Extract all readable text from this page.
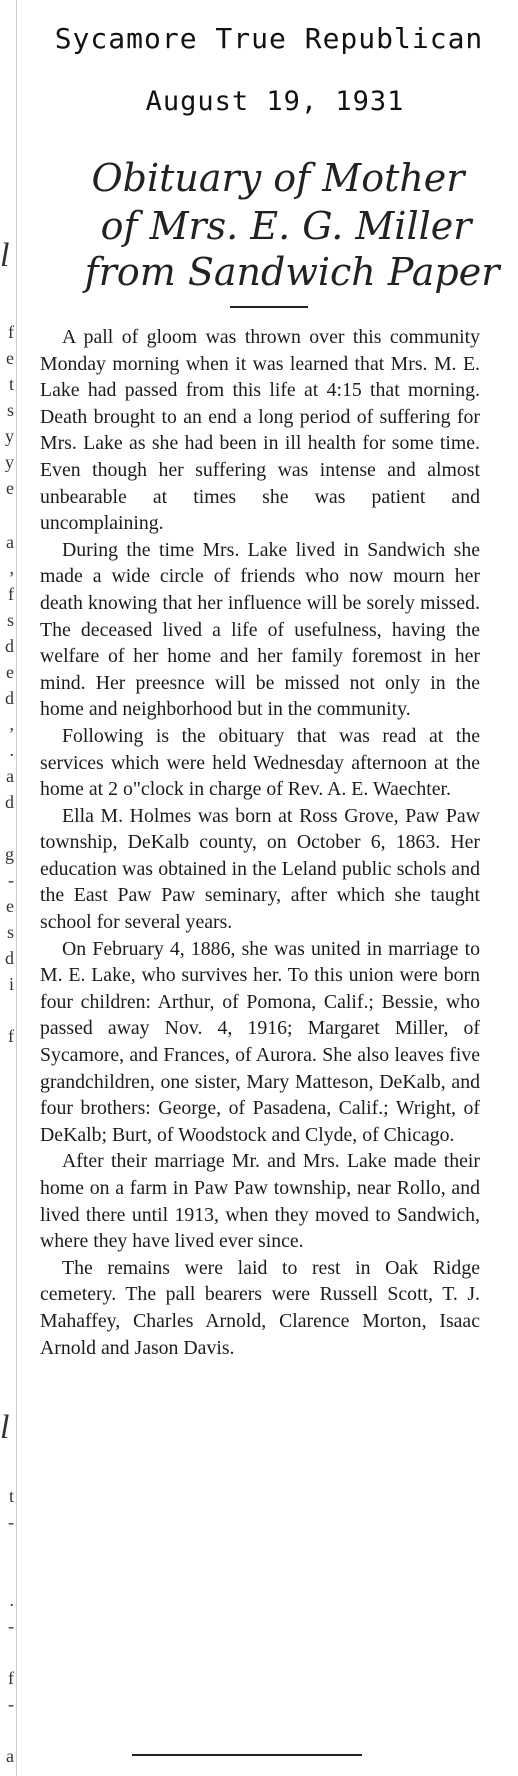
Sycamore True Republican
August 19, 1931
Obituary of Mother
of Mrs. E. G. Miller
from Sandwich Paper

A pall of gloom was thrown over this community Monday morning when it was learned that Mrs. M. E. Lake had passed from this life at 4:15 that morning. Death brought to an end a long period of suffering for Mrs. Lake as she had been in ill health for some time. Even though her suffering was intense and almost unbearable at times she was patient and uncomplaining.

During the time Mrs. Lake lived in Sandwich she made a wide circle of friends who now mourn her death knowing that her influence will be sorely missed. The deceased lived a life of usefulness, having the welfare of her home and her family foremost in her mind. Her preesnce will be missed not only in the home and neighborhood but in the community.

Following is the obituary that was read at the services which were held Wednesday afternoon at the home at 2 o"clock in charge of Rev. A. E. Waechter.

Ella M. Holmes was born at Ross Grove, Paw Paw township, DeKalb county, on October 6, 1863. Her education was obtained in the Leland public schols and the East Paw Paw seminary, after which she taught school for several years.

On February 4, 1886, she was united in marriage to M. E. Lake, who survives her. To this union were born four children: Arthur, of Pomona, Calif.; Bessie, who passed away Nov. 4, 1916; Margaret Miller, of Sycamore, and Frances, of Aurora. She also leaves five grandchildren, one sister, Mary Matteson, DeKalb, and four brothers: George, of Pasadena, Calif.; Wright, of DeKalb; Burt, of Woodstock and Clyde, of Chicago.

After their marriage Mr. and Mrs. Lake made their home on a farm in Paw Paw township, near Rollo, and lived there until 1913, when they moved to Sandwich, where they have lived ever since.

The remains were laid to rest in Oak Ridge cemetery. The pall bearers were Russell Scott, T. J. Mahaffey, Charles Arnold, Clarence Morton, Isaac Arnold and Jason Davis.

l
f
e
t
s
y
y
e
a
,
f
s
d
e
d
,
.
a
d
g
-
e
s
d
i
f
l
t
-
.
-
f
-
a
